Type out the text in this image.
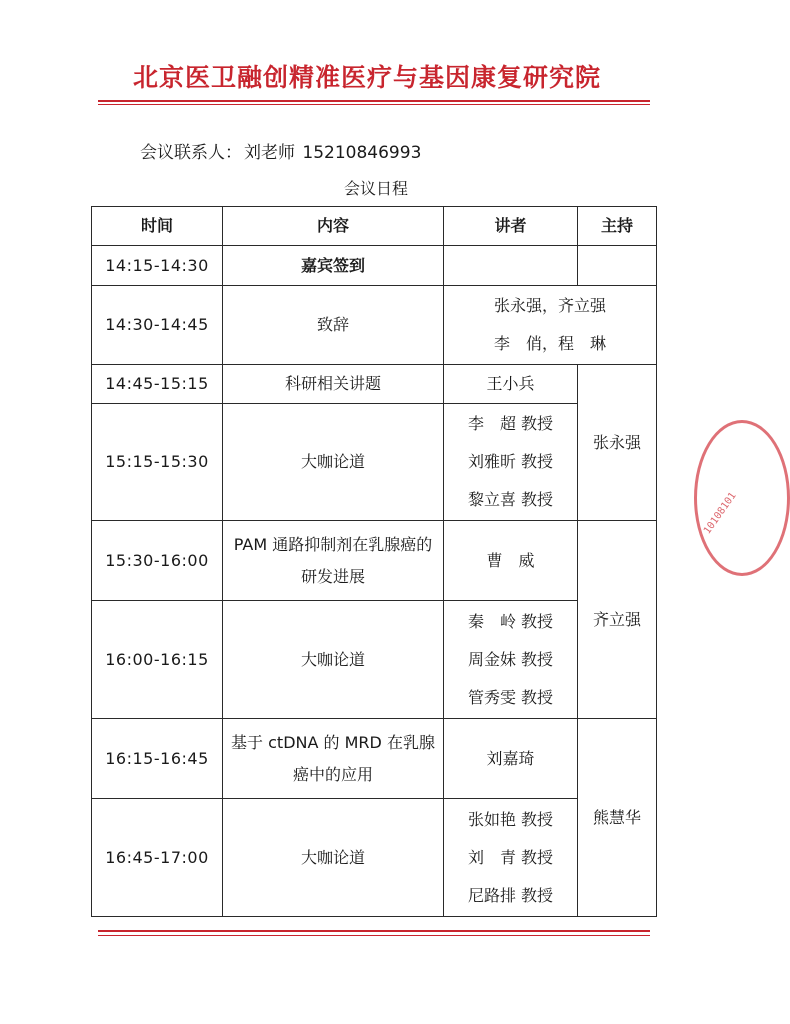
北京医卫融创精准医疗与基因康复研究院
会议联系人： 刘老师 15210846993
会议日程
时间	内容	讲者	主持
14:15-14:30	嘉宾签到		
14:30-14:45	致辞	张永强，齐立强
李　俏，程　琳	

14:45-15:15	科研相关讲题	王小兵	张永强
15:15-15:30	大咖论道	李　超 教授
刘雅昕 教授
黎立喜 教授	

15:30-16:00	PAM 通路抑制剂在乳腺癌的研发进展	曹　威	齐立强
16:00-16:15	大咖论道	秦　岭 教授
周金妹 教授
管秀雯 教授	

16:15-16:45	基于 ctDNA 的 MRD 在乳腺癌中的应用	刘嘉琦	熊慧华
16:45-17:00	大咖论道	张如艳 教授
刘　青 教授
尼路排 教授	
10108101
